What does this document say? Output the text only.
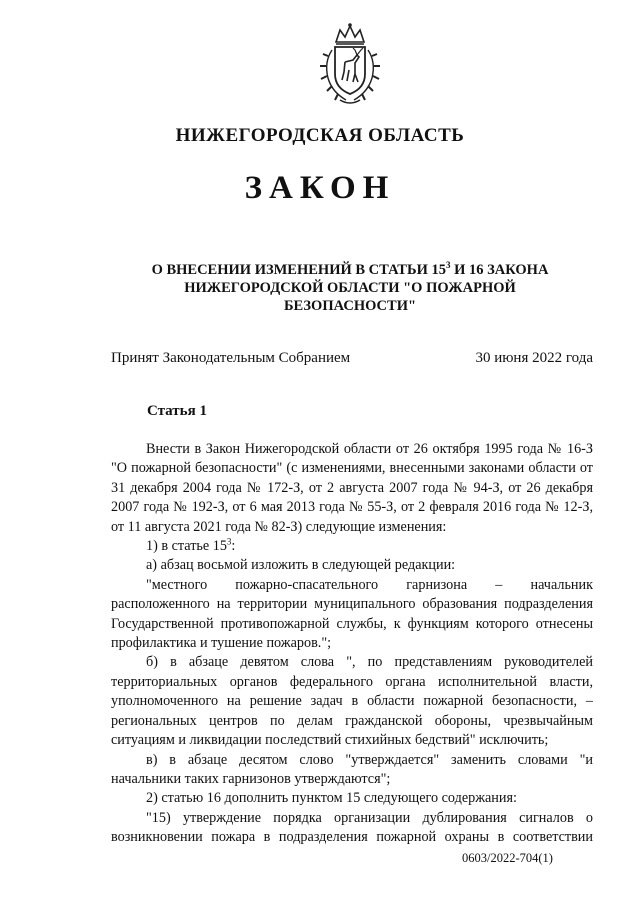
НИЖЕГОРОДСКАЯ ОБЛАСТЬ
ЗАКОН
О ВНЕСЕНИИ ИЗМЕНЕНИЙ В СТАТЬИ $15^3$ И 16 ЗАКОНА НИЖЕГОРОДСКОЙ ОБЛАСТИ "О ПОЖАРНОЙ БЕЗОПАСНОСТИ"
Принят Законодательным Собранием	30 июня 2022 года
Статья 1

Внести в Закон Нижегородской области от 26 октября 1995 года № 16-З "О пожарной безопасности" (с изменениями, внесенными законами области от 31 декабря 2004 года № 172-З, от 2 августа 2007 года № 94-З, от 26 декабря 2007 года № 192-З, от 6 мая 2013 года № 55-З, от 2 февраля 2016 года № 12-З, от 11 августа 2021 года № 82-З) следующие изменения:

1) в статье $15^3$:

а) абзац восьмой изложить в следующей редакции:

"местного пожарно-спасательного гарнизона – начальник расположенного на территории муниципального образования подразделения Государственной противопожарной службы, к функциям которого отнесены профилактика и тушение пожаров.";

б) в абзаце девятом слова ", по представлениям руководителей территориальных органов федерального органа исполнительной власти, уполномоченного на решение задач в области пожарной безопасности, – региональных центров по делам гражданской обороны, чрезвычайным ситуациям и ликвидации последствий стихийных бедствий" исключить;

в) в абзаце десятом слово "утверждается" заменить словами "и начальники таких гарнизонов утверждаются";

2) статью 16 дополнить пунктом 15 следующего содержания:

"15) утверждение порядка организации дублирования сигналов о возникновении пожара в подразделения пожарной охраны в соответствии

0603/2022-704(1)
